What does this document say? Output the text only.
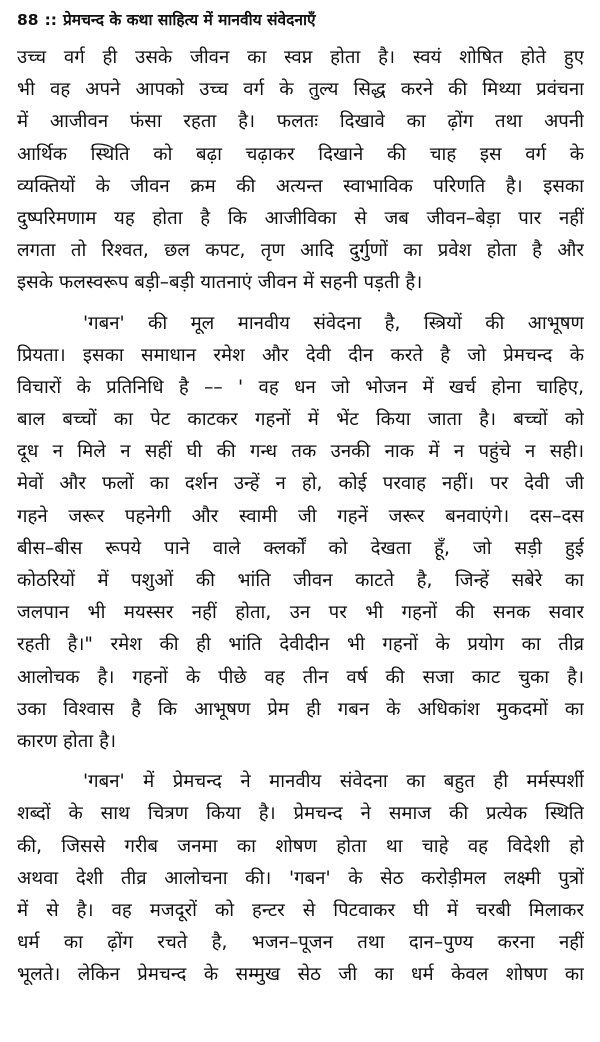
88 :: प्रेमचन्द के कथा साहित्य में मानवीय संवेदनाएँ
उच्च वर्ग ही उसके जीवन का स्वप्न होता है। स्वयं शोषित होते हुए
भी वह अपने आपको उच्च वर्ग के तुल्य सिद्ध करने की मिथ्या प्रवंचना
में आजीवन फंसा रहता है। फलतः दिखावे का ढ़ोंग तथा अपनी
आर्थिक स्थिति को बढ़ा चढ़ाकर दिखाने की चाह इस वर्ग के
व्यक्तियों के जीवन क्रम की अत्यन्त स्वाभाविक परिणति है। इसका
दुष्परिमणाम यह होता है कि आजीविका से जब जीवन–बेड़ा पार नहीं
लगता तो रिश्वत, छल कपट, तृण आदि दुर्गुणों का प्रवेश होता है और
इसके फलस्वरूप बड़ी–बड़ी यातनाएं जीवन में सहनी पड़ती है।
'गबन' की मूल मानवीय संवेदना है, स्त्रियों की आभूषण
प्रियता। इसका समाधान रमेश और देवी दीन करते है जो प्रेमचन्द के
विचारों के प्रतिनिधि है –– ' वह धन जो भोजन में खर्च होना चाहिए,
बाल बच्चों का पेट काटकर गहनों में भेंट किया जाता है। बच्चों को
दूध न मिले न सहीं घी की गन्ध तक उनकी नाक में न पहुंचे न सही।
मेवों और फलों का दर्शन उन्हें न हो, कोई परवाह नहीं। पर देवी जी
गहने जरूर पहनेगी और स्वामी जी गहनें जरूर बनवाएंगे। दस–दस
बीस–बीस रूपये पाने वाले क्लर्कों को देखता हूँ, जो सड़ी हुई
कोठरियों में पशुओं की भांति जीवन काटते है, जिन्हें सबेरे का
जलपान भी मयस्सर नहीं होता, उन पर भी गहनों की सनक सवार
रहती है।" रमेश की ही भांति देवीदीन भी गहनों के प्रयोग का तीव्र
आलोचक है। गहनों के पीछे वह तीन वर्ष की सजा काट चुका है।
उका विश्वास है कि आभूषण प्रेम ही गबन के अधिकांश मुकदमों का
कारण होता है।
'गबन' में प्रेमचन्द ने मानवीय संवेदना का बहुत ही मर्मस्पर्शी
शब्दों के साथ चित्रण किया है। प्रेमचन्द ने समाज की प्रत्येक स्थिति
की, जिससे गरीब जनमा का शोषण होता था चाहे वह विदेशी हो
अथवा देशी तीव्र आलोचना की। 'गबन' के सेठ करोड़ीमल लक्ष्मी पुत्रों
में से है। वह मजदूरों को हन्टर से पिटवाकर घी में चरबी मिलाकर
धर्म का ढ़ोंग रचते है, भजन–पूजन तथा दान–पुण्य करना नहीं
भूलते। लेकिन प्रेमचन्द के सम्मुख सेठ जी का धर्म केवल शोषण का
